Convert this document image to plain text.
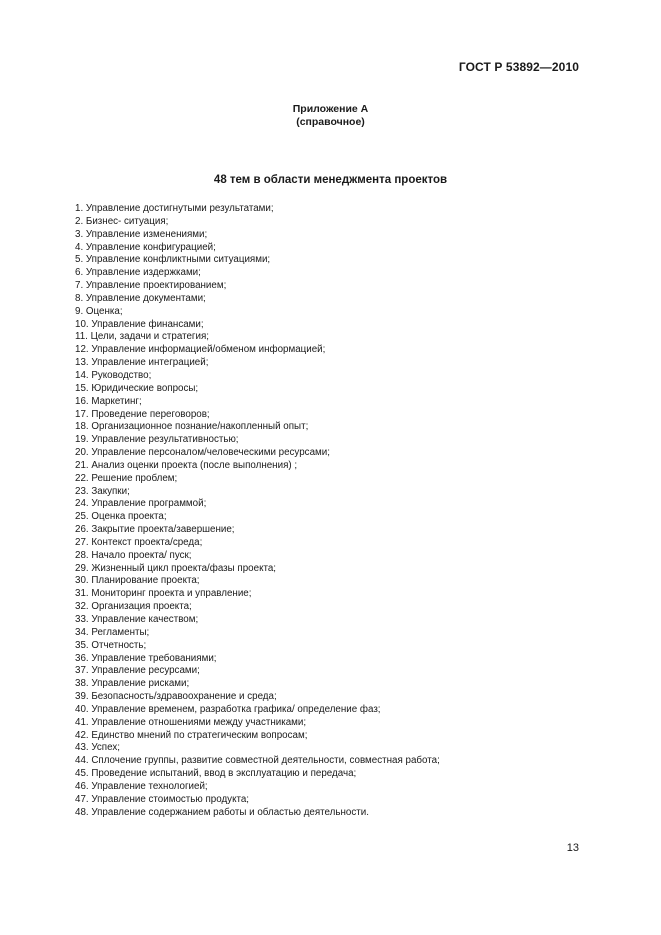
ГОСТ Р 53892—2010
Приложение А
(справочное)
48 тем в области менеджмента проектов
1. Управление достигнутыми результатами;
2. Бизнес- ситуация;
3. Управление изменениями;
4. Управление конфигурацией;
5. Управление конфликтными ситуациями;
6. Управление издержками;
7. Управление проектированием;
8. Управление документами;
9. Оценка;
10. Управление финансами;
11. Цели, задачи и стратегия;
12. Управление информацией/обменом информацией;
13. Управление интеграцией;
14. Руководство;
15. Юридические вопросы;
16. Маркетинг;
17. Проведение переговоров;
18. Организационное познание/накопленный опыт;
19. Управление результативностью;
20. Управление персоналом/человеческими ресурсами;
21. Анализ оценки проекта (после выполнения) ;
22. Решение проблем;
23. Закупки;
24. Управление программой;
25. Оценка проекта;
26. Закрытие проекта/завершение;
27. Контекст проекта/среда;
28. Начало проекта/ пуск;
29. Жизненный цикл проекта/фазы проекта;
30. Планирование проекта;
31. Мониторинг проекта и управление;
32. Организация проекта;
33. Управление качеством;
34. Регламенты;
35. Отчетность;
36. Управление требованиями;
37. Управление ресурсами;
38. Управление рисками;
39. Безопасность/здравоохранение и среда;
40. Управление временем, разработка графика/ определение фаз;
41. Управление отношениями между участниками;
42. Единство мнений по стратегическим вопросам;
43. Успех;
44. Сплочение группы, развитие совместной деятельности, совместная работа;
45. Проведение испытаний, ввод в эксплуатацию и передача;
46. Управление технологией;
47. Управление стоимостью продукта;
48. Управление содержанием работы и областью деятельности.
13
